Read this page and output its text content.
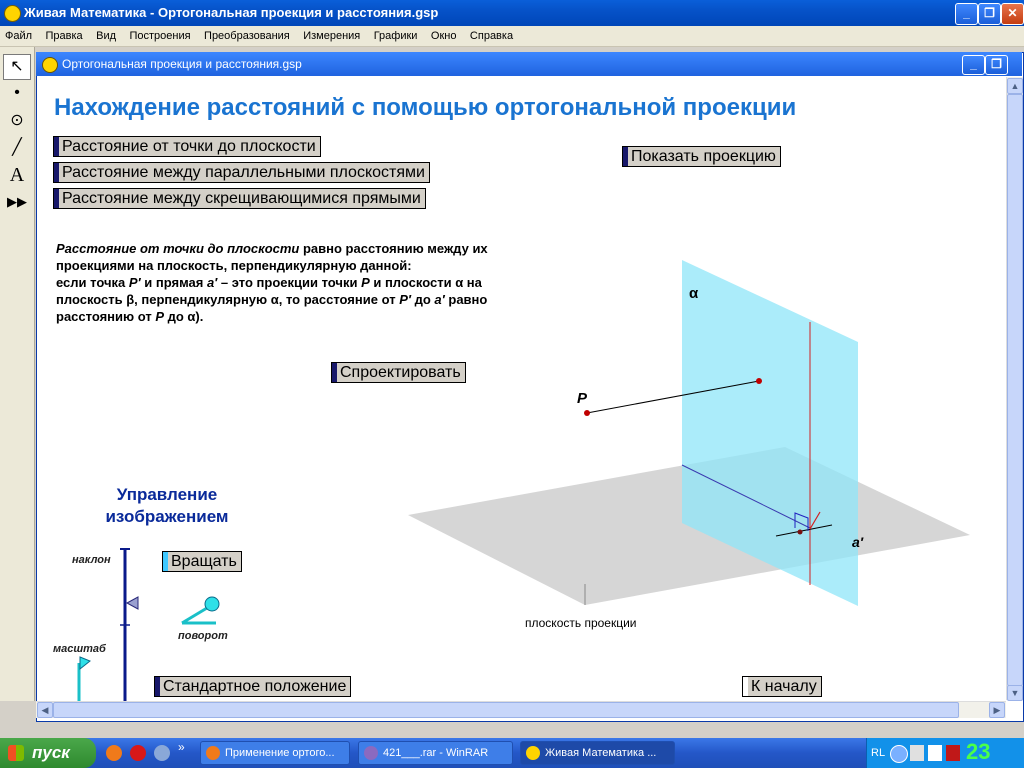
Живая Математика - Ортогональная проекция и расстояния.gsp	_	❐	✕
Файл Правка Вид Построения Преобразования Измерения Графики Окно Справка
↖
•
⊙
╱
A
▶▶
Ортогональная проекция и расстояния.gsp	_	❐
▲
▼
◀	▶
Нахождение расстояний с помощью ортогональной проекции
Расстояние от точки до плоскости
Расстояние между параллельными плоскостями
Расстояние между скрещивающимися прямыми
Показать проекцию
Расстояние от точки до плоскости равно расстоянию между их проекциями на плоскость, перпендикулярную данной:
если точка P′ и прямая a′ – это проекции точки P и плоскости α на плоскость β, перпендикулярную α, то расстояние от P′ до a′ равно расстоянию от P до α).
Спроектировать
α
P
a′
плоскость проекции
Управление изображением
наклон
масштаб
поворот
Вращать
Стандартное положение	К началу
пуск	»	Применение ортого...	421___.rar - WinRAR	Живая Математика ...	RL	23
